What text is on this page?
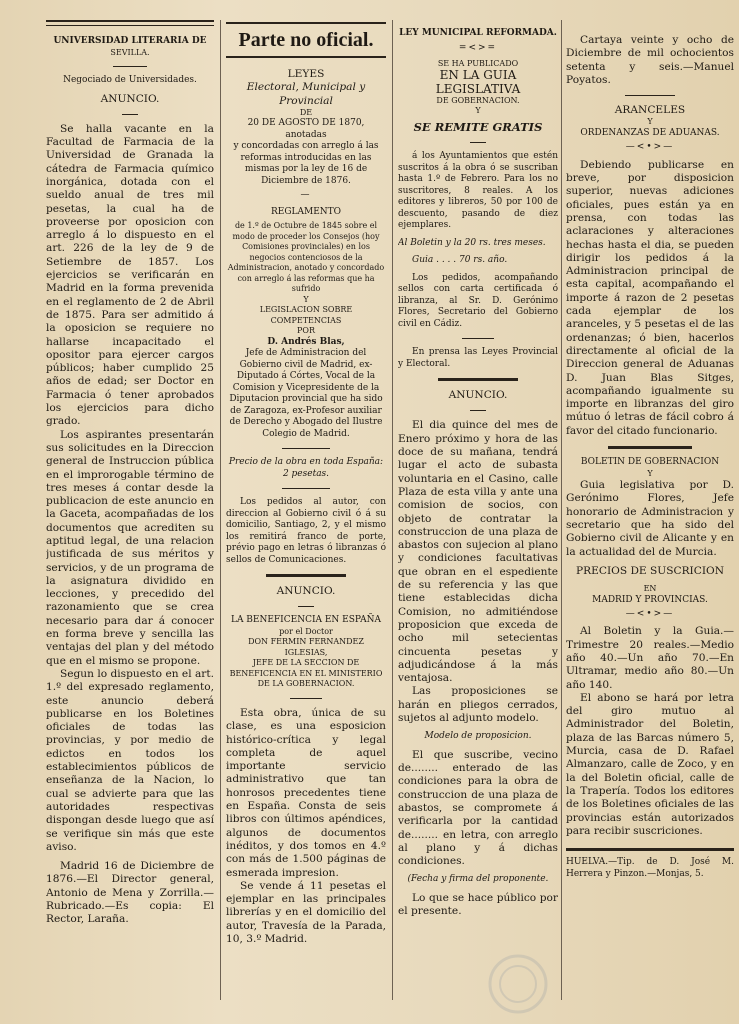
UNIVERSIDAD LITERARIA DE
SEVILLA.
Negociado de Universidades.
ANUNCIO.

Se halla vacante en la Facultad de Farmacia de la Universidad de Granada la cátedra de Farmacia químico inorgánica, dotada con el sueldo anual de tres mil pesetas, la cual ha de proveerse por oposicion con arreglo á lo dispuesto en el art. 226 de la ley de 9 de Setiembre de 1857. Los ejercicios se verificarán en Madrid en la forma prevenida en el reglamento de 2 de Abril de 1875. Para ser admitido á la oposicion se requiere no hallarse incapacitado el opositor para ejercer cargos públicos; haber cumplido 25 años de edad; ser Doctor en Farmacia ó tener aprobados los ejercicios para dicho grado.

Los aspirantes presentarán sus solicitudes en la Direccion general de Instruccion pública en el improrogable término de tres meses á contar desde la publicacion de este anuncio en la Gaceta, acompañadas de los documentos que acrediten su aptitud legal, de una relacion justificada de sus méritos y servicios, y de un programa de la asignatura dividido en lecciones, y precedido del razonamiento que se crea necesario para dar á conocer en forma breve y sencilla las ventajas del plan y del método que en el mismo se propone.

Segun lo dispuesto en el art. 1.º del expresado reglamento, este anuncio deberá publicarse en los Boletines oficiales de todas las provincias, y por medio de edictos en todos los establecimientos públicos de enseñanza de la Nacion, lo cual se advierte para que las autoridades respectivas dispongan desde luego que así se verifique sin más que este aviso.

Madrid 16 de Diciembre de 1876.—El Director general, Antonio de Mena y Zorrilla.—Rubricado.—Es copia: El Rector, Laraña.

Parte no oficial.
LEYES
Electoral, Municipal y Provincial
DE
20 DE AGOSTO DE 1870,
anotadas
y concordadas con arreglo á las reformas introducidas en las mismas por la ley de 16 de Diciembre de 1876.
—
REGLAMENTO
de 1.º de Octubre de 1845 sobre el modo de proceder los Consejos (hoy Comisiones provinciales) en los negocios contenciosos de la Administracion, anotado y concordado con arreglo á las reformas que ha sufrido
Y
LEGISLACION SOBRE COMPETENCIAS
POR
D. Andrés Blas,
Jefe de Administracion del Gobierno civil de Madrid, ex-Diputado á Córtes, Vocal de la Comision y Vicepresidente de la Diputacion provincial que ha sido de Zaragoza, ex-Profesor auxiliar de Derecho y Abogado del Ilustre Colegio de Madrid.
Precio de la obra en toda España: 2 pesetas.

Los pedidos al autor, con direccion al Gobierno civil ó á su domicilio, Santiago, 2, y el mismo los remitirá franco de porte, prévio pago en letras ó libranzas ó sellos de Comunicaciones.

ANUNCIO.
LA BENEFICENCIA EN ESPAÑA
por el Doctor
DON FERMIN FERNANDEZ IGLESIAS,
JEFE DE LA SECCION DE BENEFICENCIA EN EL MINISTERIO DE LA GOBERNACION.

Esta obra, única de su clase, es una esposicion histórico-crítica y legal completa de aquel importante servicio administrativo que tan honrosos precedentes tiene en España. Consta de seis libros con últimos apéndices, algunos de documentos inéditos, y dos tomos en 4.º con más de 1.500 páginas de esmerada impresion.

Se vende á 11 pesetas el ejemplar en las principales librerías y en el domicilio del autor, Travesía de la Parada, 10, 3.º Madrid.

LEY MUNICIPAL REFORMADA.
=<>=
SE HA PUBLICADO
EN LA GUIA LEGISLATIVA
DE GOBERNACION.
Y
SE REMITE GRATIS

á los Ayuntamientos que estén suscritos á la obra ó se suscriban hasta 1.º de Febrero. Para los no suscritores, 8 reales. A los editores y libreros, 50 por 100 de descuento, pasando de diez ejemplares.

Al Boletin y la 20 rs. tres meses.
Guia . . . . 70 rs. año.

Los pedidos, acompañando sellos con carta certificada ó libranza, al Sr. D. Gerónimo Flores, Secretario del Gobierno civil en Cádiz.

En prensa las Leyes Provincial y Electoral.

ANUNCIO.

El dia quince del mes de Enero próximo y hora de las doce de su mañana, tendrá lugar el acto de subasta voluntaria en el Casino, calle Plaza de esta villa y ante una comision de socios, con objeto de contratar la construccion de una plaza de abastos con sujecion al plano y condiciones facultativas que obran en el espediente de su referencia y las que tiene establecidas dicha Comision, no admitiéndose proposicion que exceda de ocho mil setecientas cincuenta pesetas y adjudicándose á la más ventajosa.

Las proposiciones se harán en pliegos cerrados, sujetos al adjunto modelo.

Modelo de proposicion.

El que suscribe, vecino de........ enterado de las condiciones para la obra de construccion de una plaza de abastos, se compromete á verificarla por la cantidad de........ en letra, con arreglo al plano y á dichas condiciones.

(Fecha y firma del proponente.

Lo que se hace público por el presente.

Cartaya veinte y ocho de Diciembre de mil ochocientos setenta y seis.—Manuel Poyatos.

ARANCELES
Y
ORDENANZAS DE ADUANAS.
—<•>—

Debiendo publicarse en breve, por disposicion superior, nuevas adiciones oficiales, pues están ya en prensa, con todas las aclaraciones y alteraciones hechas hasta el dia, se pueden dirigir los pedidos á la Administracion principal de esta capital, acompañando el importe á razon de 2 pesetas cada ejemplar de los aranceles, y 5 pesetas el de las ordenanzas; ó bien, hacerlos directamente al oficial de la Direccion general de Aduanas D. Juan Blas Sitges, acompañando igualmente su importe en libranzas del giro mútuo ó letras de fácil cobro á favor del citado funcionario.

BOLETIN DE GOBERNACION
Y

Guia legislativa por D. Gerónimo Flores, Jefe honorario de Administracion y secretario que ha sido del Gobierno civil de Alicante y en la actualidad del de Murcia.

PRECIOS DE SUSCRICION
EN
MADRID Y PROVINCIAS.
—<•>—

Al Boletin y la Guia.—Trimestre 20 reales.—Medio año 40.—Un año 70.—En Ultramar, medio año 80.—Un año 140.

El abono se hará por letra del giro mutuo al Administrador del Boletin, plaza de las Barcas número 5, Murcia, casa de D. Rafael Almanzaro, calle de Zoco, y en la del Boletin oficial, calle de la Trapería. Todos los editores de los Boletines oficiales de las provincias están autorizados para recibir suscriciones.

HUELVA.—Tip. de D. José M. Herrera y Pinzon.—Monjas, 5.
